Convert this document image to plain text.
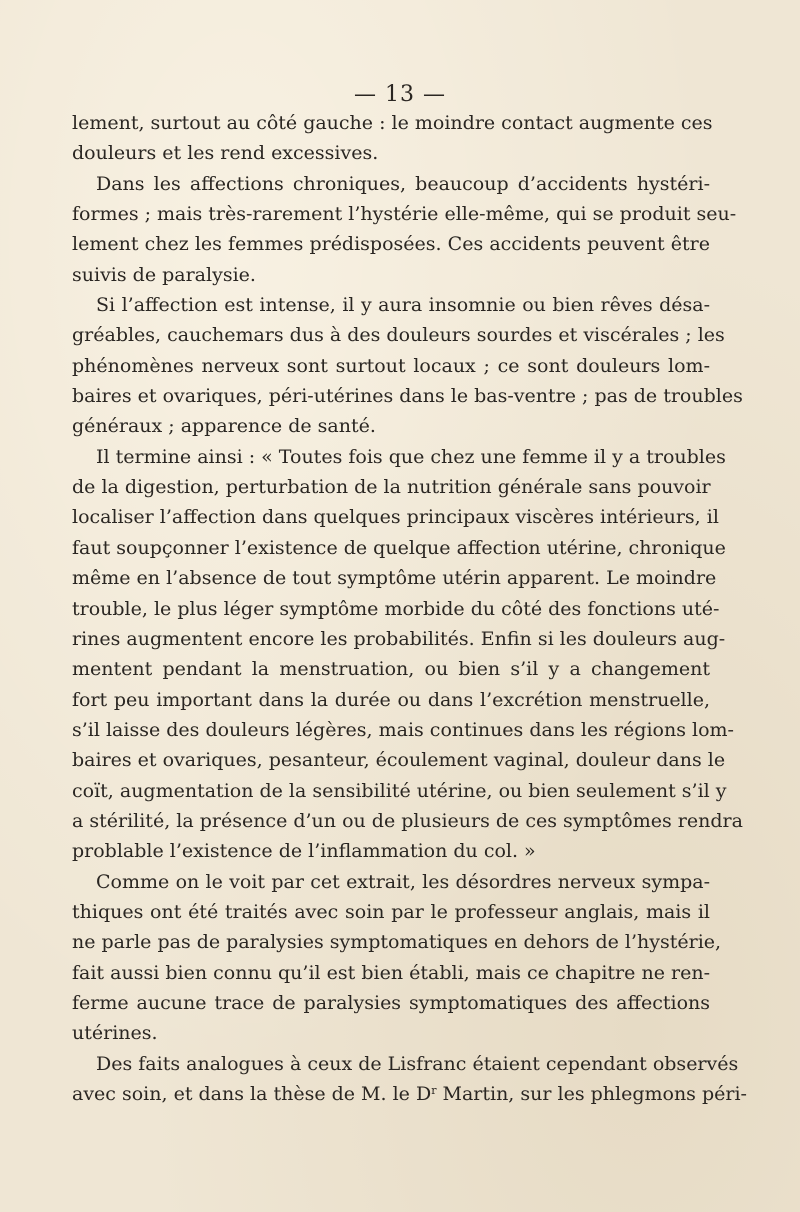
— 13 —
lement, surtout au côté gauche : le moindre contact augmente ces
douleurs et les rend excessives.
Dans les affections chroniques, beaucoup d’accidents hystéri-
formes ; mais très-rarement l’hystérie elle-même, qui se produit seu-
lement chez les femmes prédisposées. Ces accidents peuvent être
suivis de paralysie.
Si l’affection est intense, il y aura insomnie ou bien rêves désa-
gréables, cauchemars dus à des douleurs sourdes et viscérales ; les
phénomènes nerveux sont surtout locaux ; ce sont douleurs lom-
baires et ovariques, péri-utérines dans le bas-ventre ; pas de troubles
généraux ; apparence de santé.
Il termine ainsi : « Toutes fois que chez une femme il y a troubles
de la digestion, perturbation de la nutrition générale sans pouvoir
localiser l’affection dans quelques principaux viscères intérieurs, il
faut soupçonner l’existence de quelque affection utérine, chronique
même en l’absence de tout symptôme utérin apparent. Le moindre
trouble, le plus léger symptôme morbide du côté des fonctions uté-
rines augmentent encore les probabilités. Enfin si les douleurs aug-
mentent pendant la menstruation, ou bien s’il y a changement
fort peu important dans la durée ou dans l’excrétion menstruelle,
s’il laisse des douleurs légères, mais continues dans les régions lom-
baires et ovariques, pesanteur, écoulement vaginal, douleur dans le
coït, augmentation de la sensibilité utérine, ou bien seulement s’il y
a stérilité, la présence d’un ou de plusieurs de ces symptômes rendra
problable l’existence de l’inflammation du col. »
Comme on le voit par cet extrait, les désordres nerveux sympa-
thiques ont été traités avec soin par le professeur anglais, mais il
ne parle pas de paralysies symptomatiques en dehors de l’hystérie,
fait aussi bien connu qu’il est bien établi, mais ce chapitre ne ren-
ferme aucune trace de paralysies symptomatiques des affections
utérines.
Des faits analogues à ceux de Lisfranc étaient cependant observés
avec soin, et dans la thèse de M. le $D^r$ Martin, sur les phlegmons péri-
